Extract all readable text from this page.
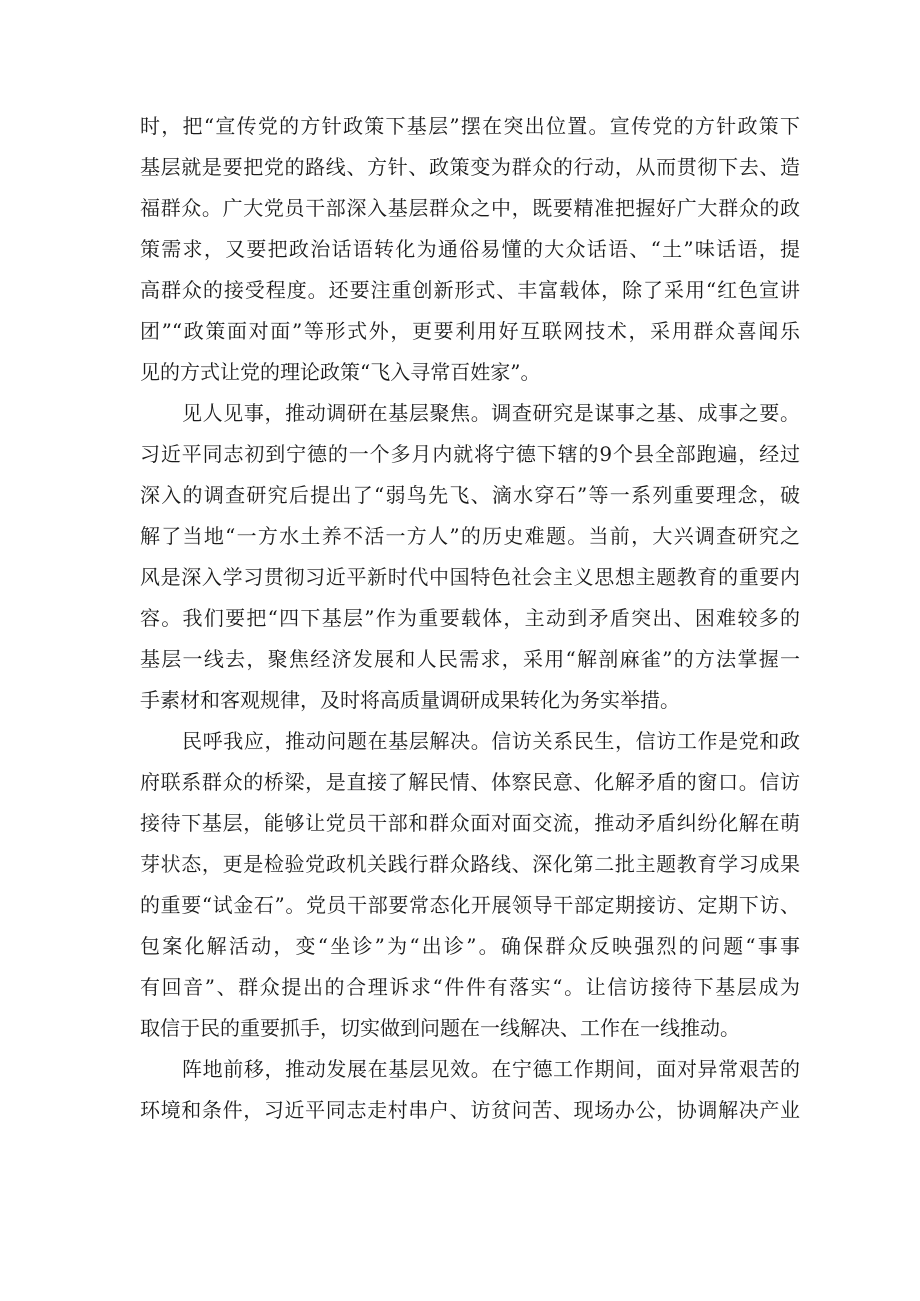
时，把“宣传党的方针政策下基层”摆在突出位置。宣传党的方针政策下
基层就是要把党的路线、方针、政策变为群众的行动，从而贯彻下去、造
福群众。广大党员干部深入基层群众之中，既要精准把握好广大群众的政
策需求，又要把政治话语转化为通俗易懂的大众话语、“土”味话语，提
高群众的接受程度。还要注重创新形式、丰富载体，除了采用“红色宣讲
团”“政策面对面”等形式外，更要利用好互联网技术，采用群众喜闻乐
见的方式让党的理论政策“飞入寻常百姓家”。
见人见事，推动调研在基层聚焦。调查研究是谋事之基、成事之要。
习近平同志初到宁德的一个多月内就将宁德下辖的9个县全部跑遍，经过
深入的调查研究后提出了“弱鸟先飞、滴水穿石”等一系列重要理念，破
解了当地“一方水土养不活一方人”的历史难题。当前，大兴调查研究之
风是深入学习贯彻习近平新时代中国特色社会主义思想主题教育的重要内
容。我们要把“四下基层”作为重要载体，主动到矛盾突出、困难较多的
基层一线去，聚焦经济发展和人民需求，采用“解剖麻雀”的方法掌握一
手素材和客观规律，及时将高质量调研成果转化为务实举措。
民呼我应，推动问题在基层解决。信访关系民生，信访工作是党和政
府联系群众的桥梁，是直接了解民情、体察民意、化解矛盾的窗口。信访
接待下基层，能够让党员干部和群众面对面交流，推动矛盾纠纷化解在萌
芽状态，更是检验党政机关践行群众路线、深化第二批主题教育学习成果
的重要“试金石”。党员干部要常态化开展领导干部定期接访、定期下访、
包案化解活动，变“坐诊”为“出诊”。确保群众反映强烈的问题“事事
有回音”、群众提出的合理诉求“件件有落实“。让信访接待下基层成为
取信于民的重要抓手，切实做到问题在一线解决、工作在一线推动。
阵地前移，推动发展在基层见效。在宁德工作期间，面对异常艰苦的
环境和条件，习近平同志走村串户、访贫问苦、现场办公，协调解决产业
